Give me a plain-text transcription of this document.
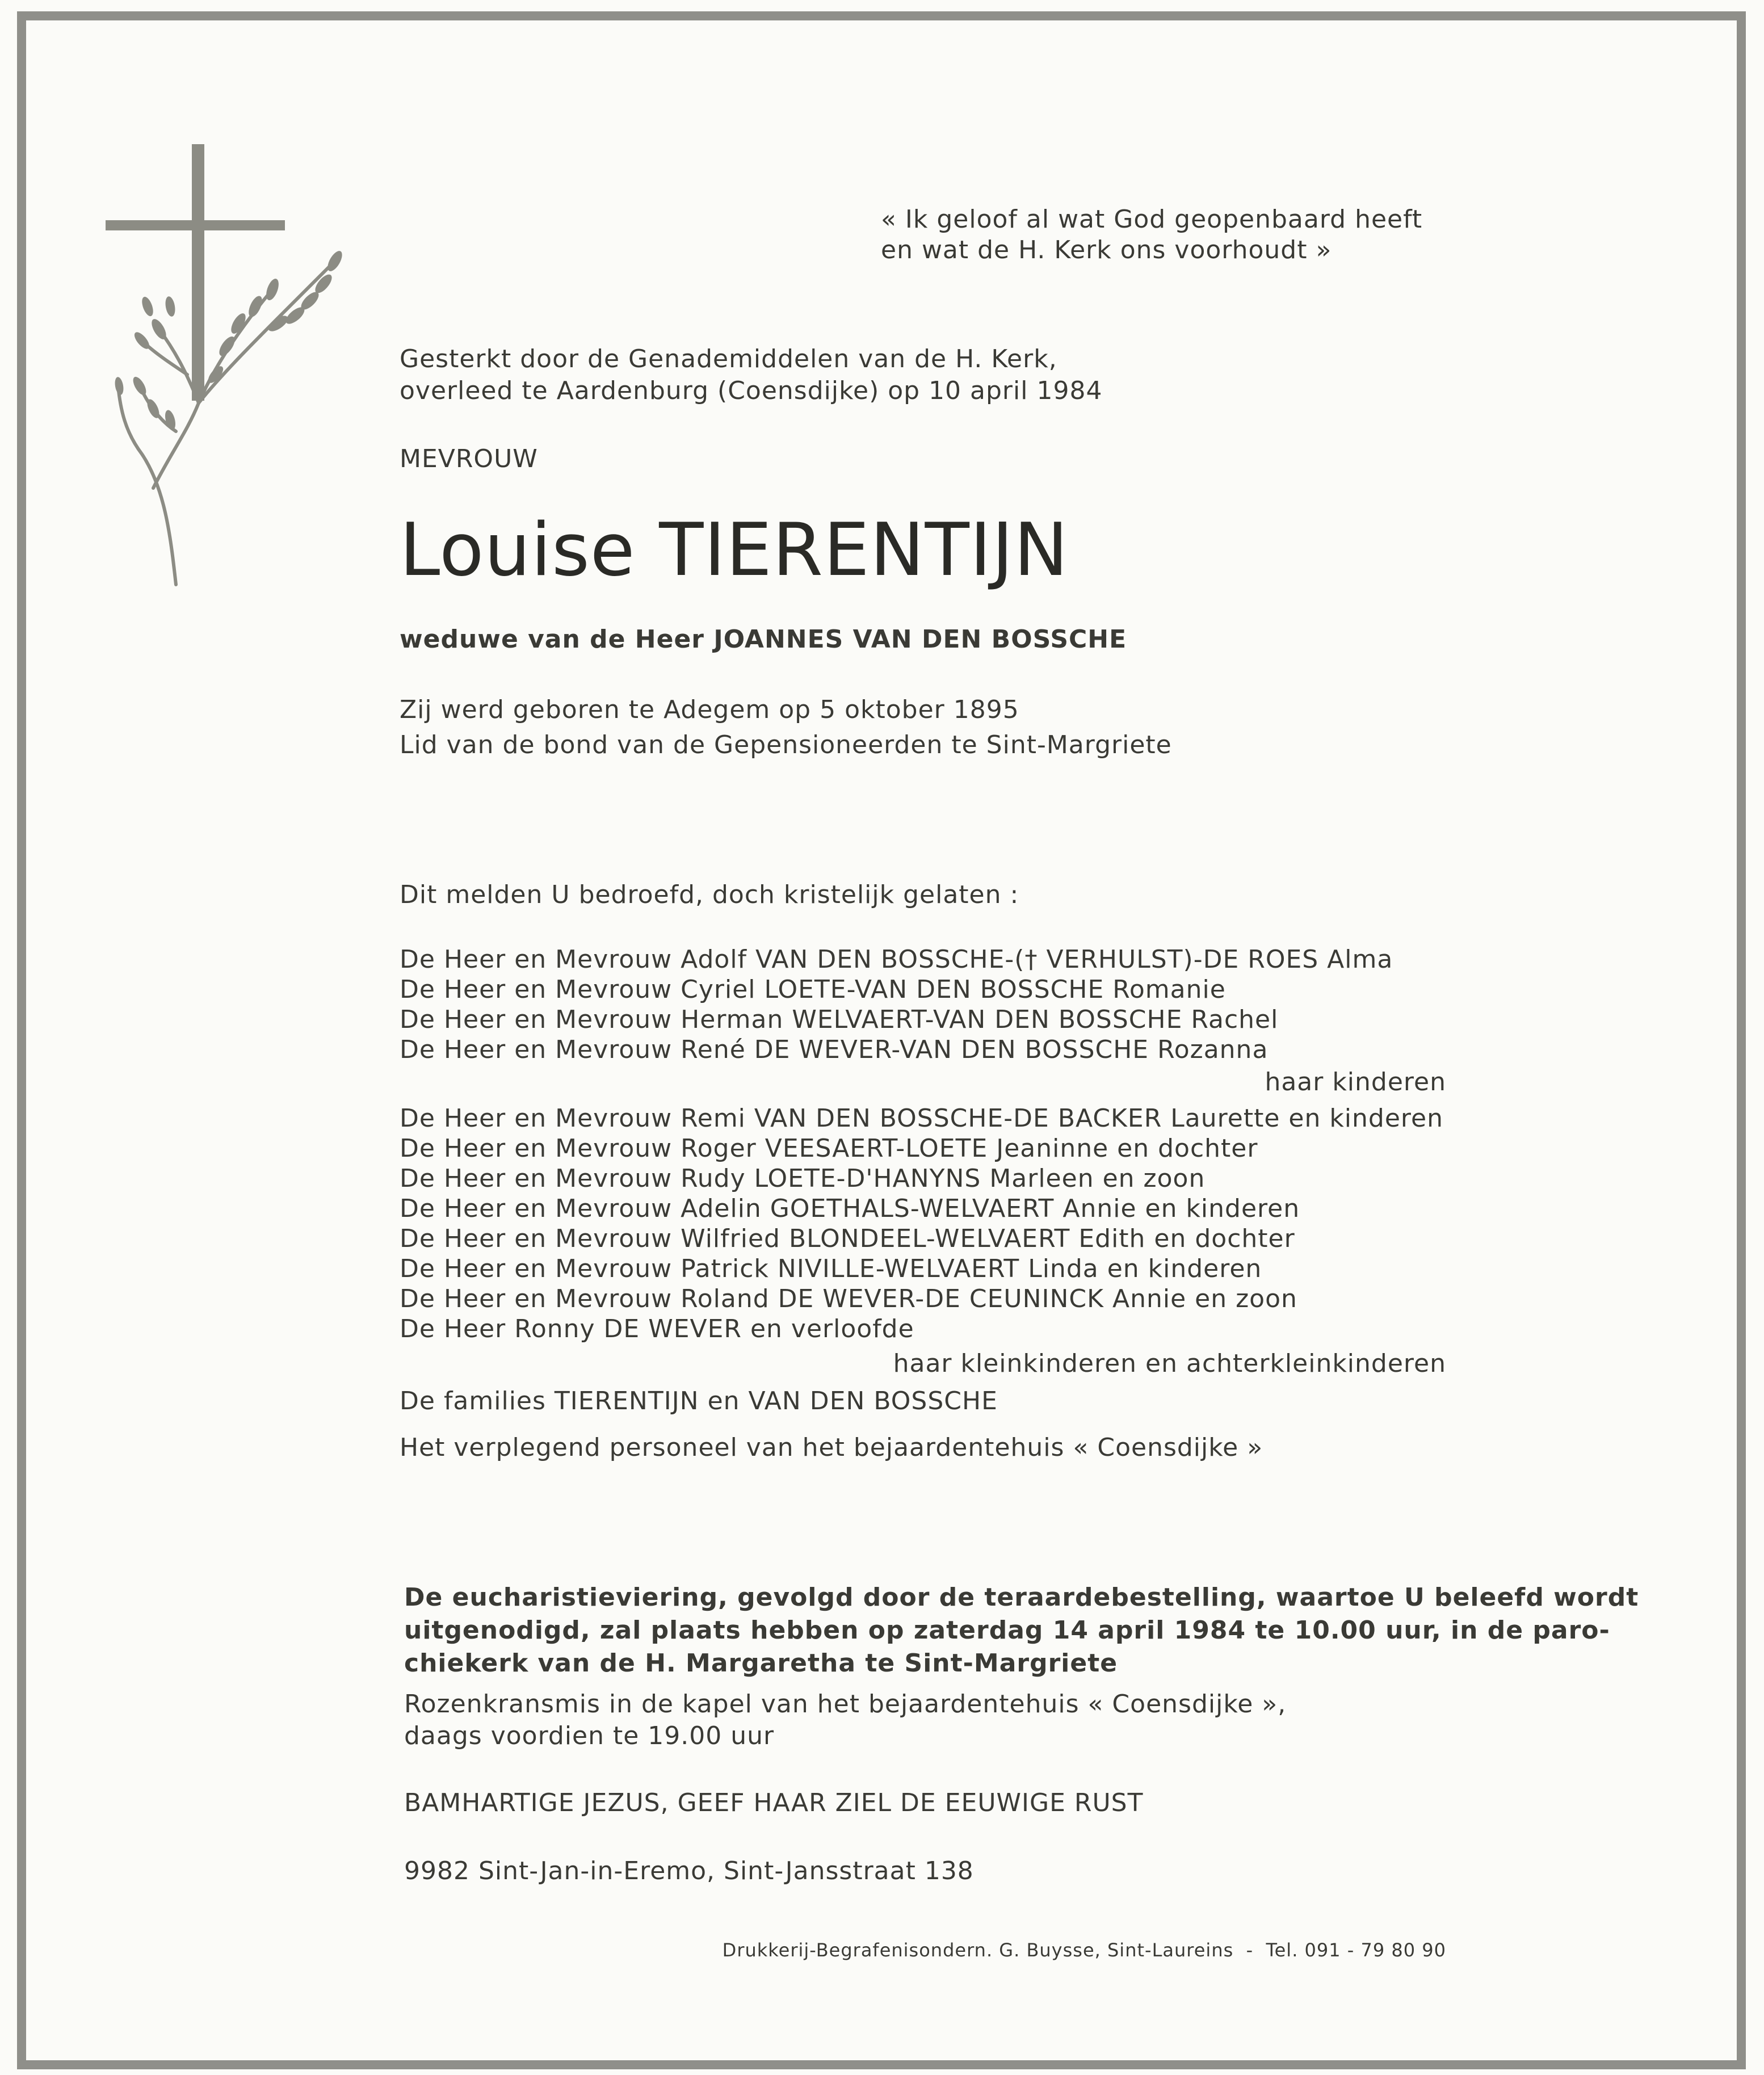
« Ik geloof al wat God geopenbaard heeft
en wat de H. Kerk ons voorhoudt »
Gesterkt door de Genademiddelen van de H. Kerk,
overleed te Aardenburg (Coensdijke) op 10 april 1984
MEVROUW
Louise TIERENTIJN
weduwe van de Heer JOANNES VAN DEN BOSSCHE
Zij werd geboren te Adegem op 5 oktober 1895
Lid van de bond van de Gepensioneerden te Sint-Margriete
Dit melden U bedroefd, doch kristelijk gelaten :
De Heer en Mevrouw Adolf VAN DEN BOSSCHE-(† VERHULST)-DE ROES Alma
De Heer en Mevrouw Cyriel LOETE-VAN DEN BOSSCHE Romanie
De Heer en Mevrouw Herman WELVAERT-VAN DEN BOSSCHE Rachel
De Heer en Mevrouw René DE WEVER-VAN DEN BOSSCHE Rozanna
haar kinderen
De Heer en Mevrouw Remi VAN DEN BOSSCHE-DE BACKER Laurette en kinderen
De Heer en Mevrouw Roger VEESAERT-LOETE Jeaninne en dochter
De Heer en Mevrouw Rudy LOETE-D'HANYNS Marleen en zoon
De Heer en Mevrouw Adelin GOETHALS-WELVAERT Annie en kinderen
De Heer en Mevrouw Wilfried BLONDEEL-WELVAERT Edith en dochter
De Heer en Mevrouw Patrick NIVILLE-WELVAERT Linda en kinderen
De Heer en Mevrouw Roland DE WEVER-DE CEUNINCK Annie en zoon
De Heer Ronny DE WEVER en verloofde
haar kleinkinderen en achterkleinkinderen
De families TIERENTIJN en VAN DEN BOSSCHE
Het verplegend personeel van het bejaardentehuis « Coensdijke »
De eucharistieviering, gevolgd door de teraardebestelling, waartoe U beleefd wordt
uitgenodigd, zal plaats hebben op zaterdag 14 april 1984 te 10.00 uur, in de paro-
chiekerk van de H. Margaretha te Sint-Margriete
Rozenkransmis in de kapel van het bejaardentehuis « Coensdijke »,
daags voordien te 19.00 uur
BAMHARTIGE JEZUS, GEEF HAAR ZIEL DE EEUWIGE RUST
9982 Sint-Jan-in-Eremo, Sint-Jansstraat 138
Drukkerij-Begrafenisondern. G. Buysse, Sint-Laureins  -  Tel. 091 - 79 80 90
